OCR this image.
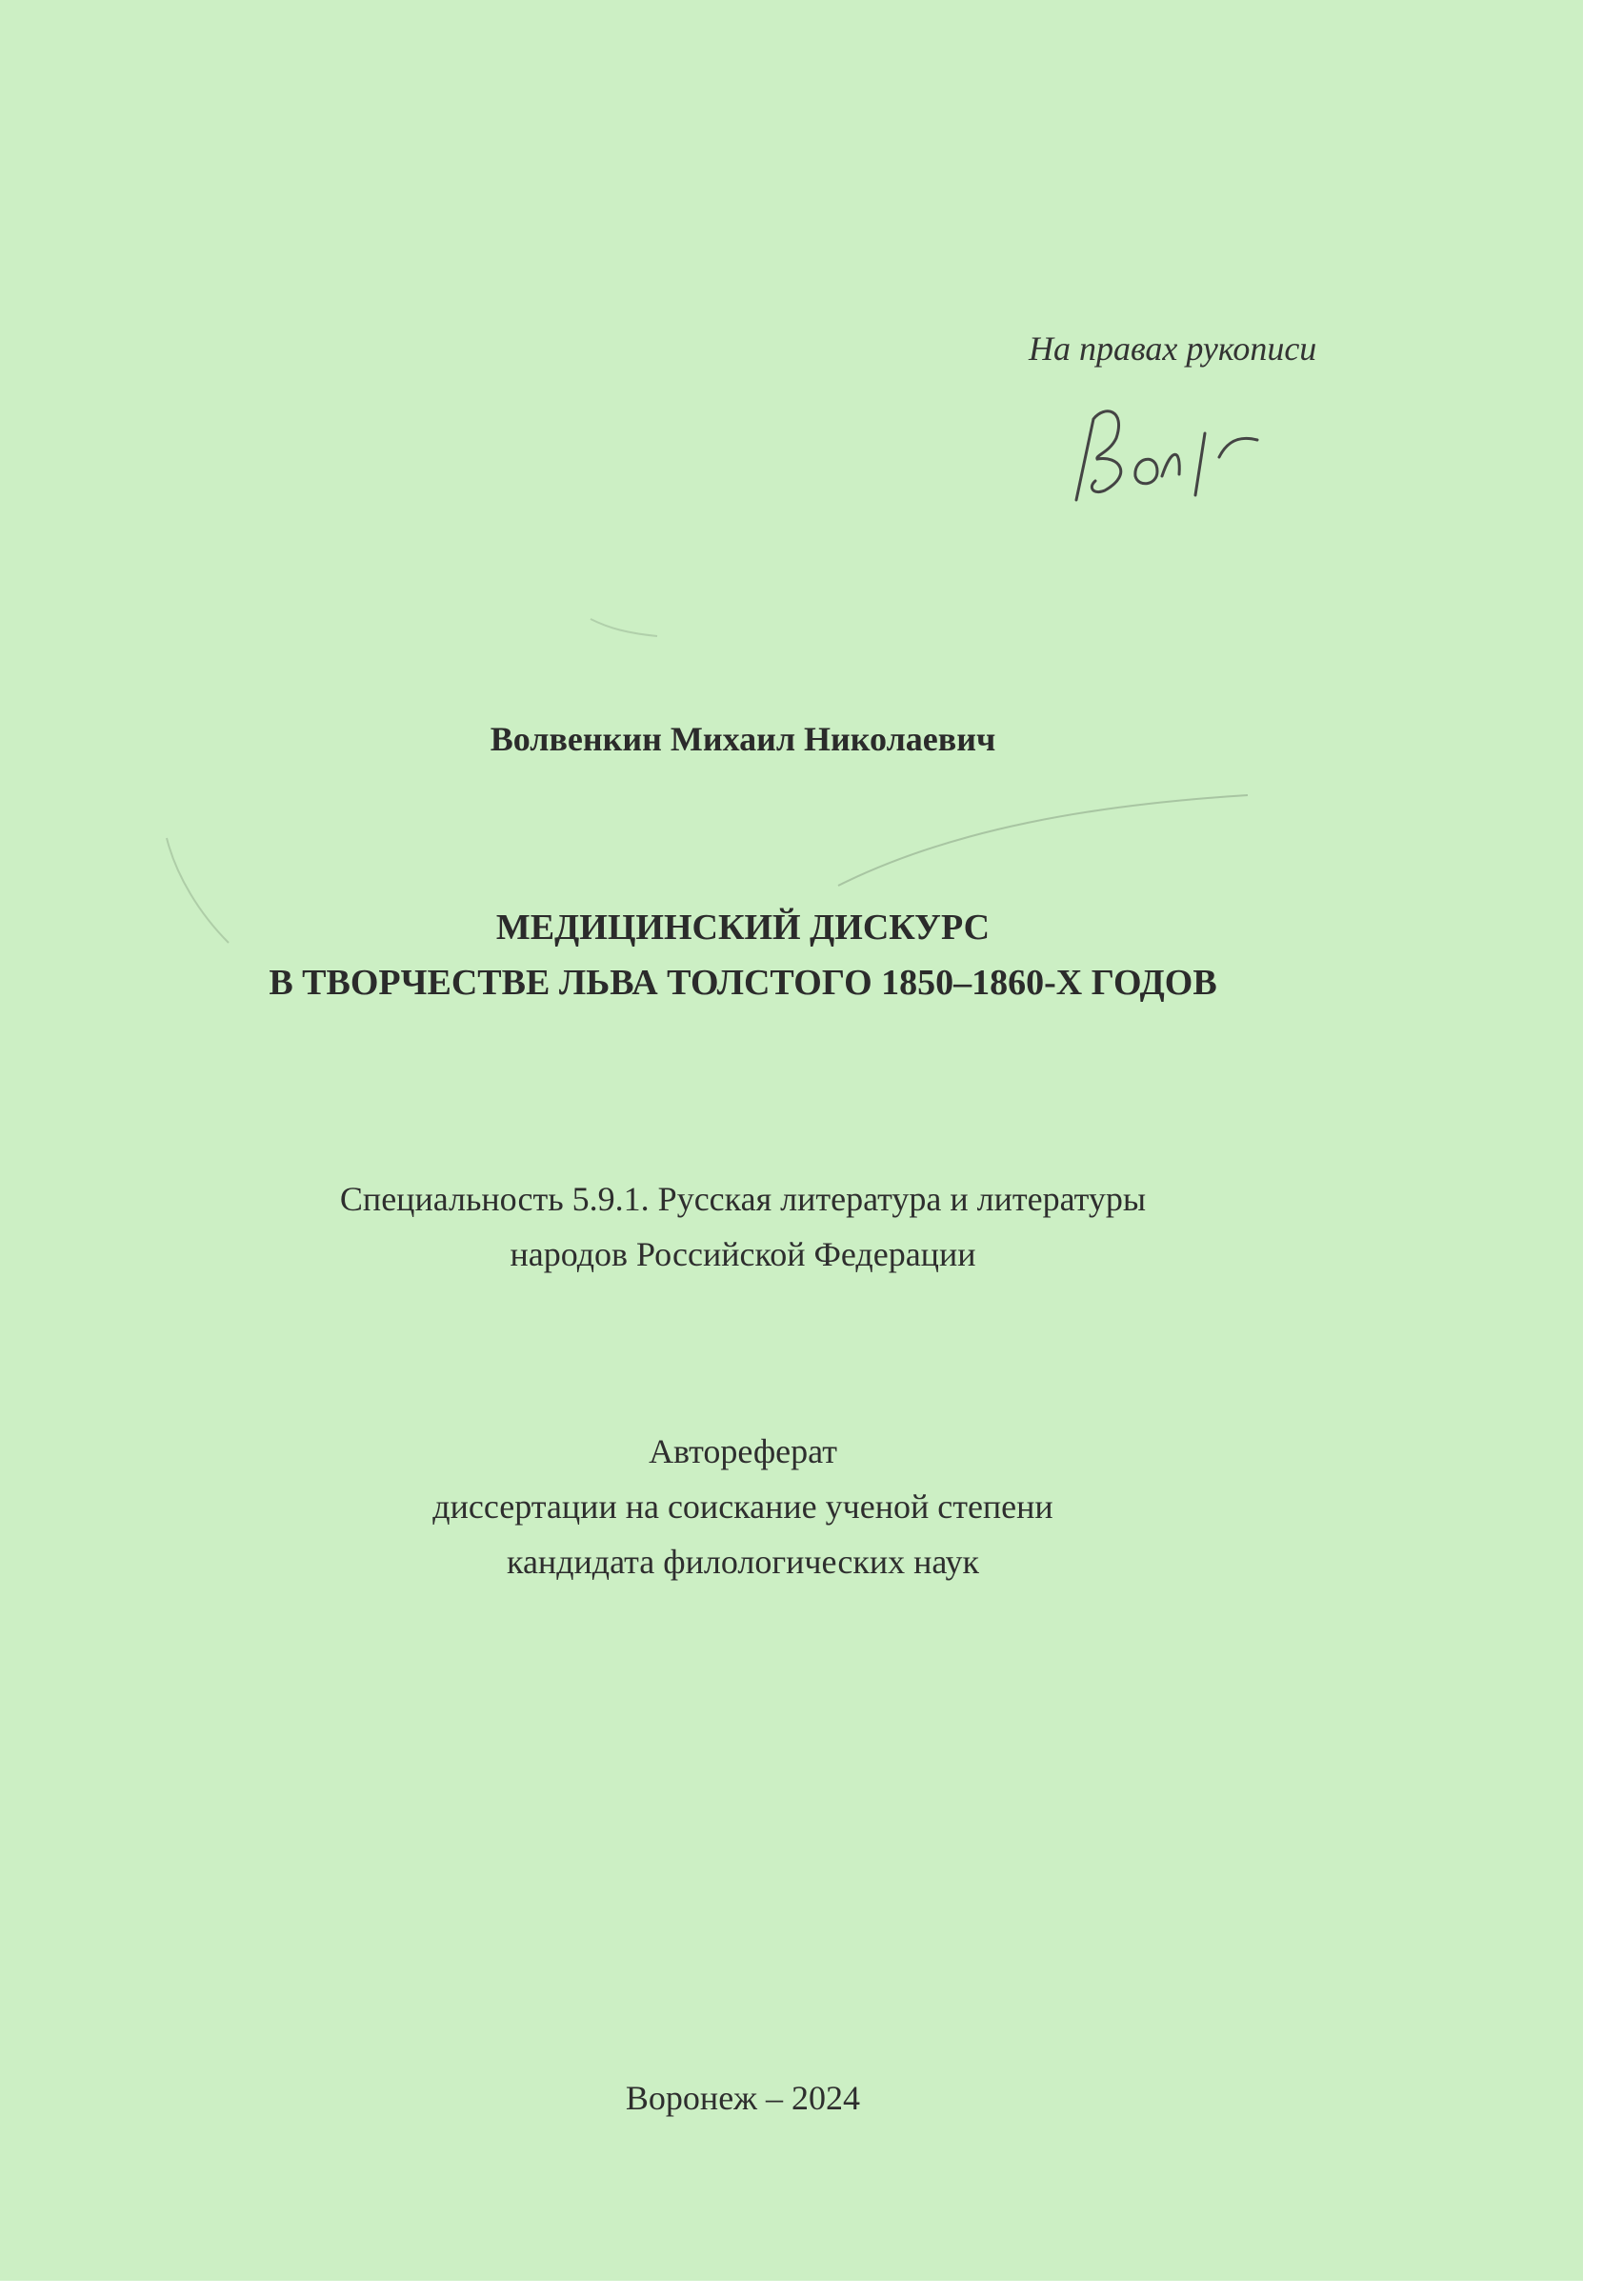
На правах рукописи
Волвенкин Михаил Николаевич
МЕДИЦИНСКИЙ ДИСКУРС
В ТВОРЧЕСТВЕ ЛЬВА ТОЛСТОГО 1850–1860-Х ГОДОВ
Специальность 5.9.1. Русская литература и литературы
народов Российской Федерации
Автореферат
диссертации на соискание ученой степени
кандидата филологических наук
Воронеж – 2024
